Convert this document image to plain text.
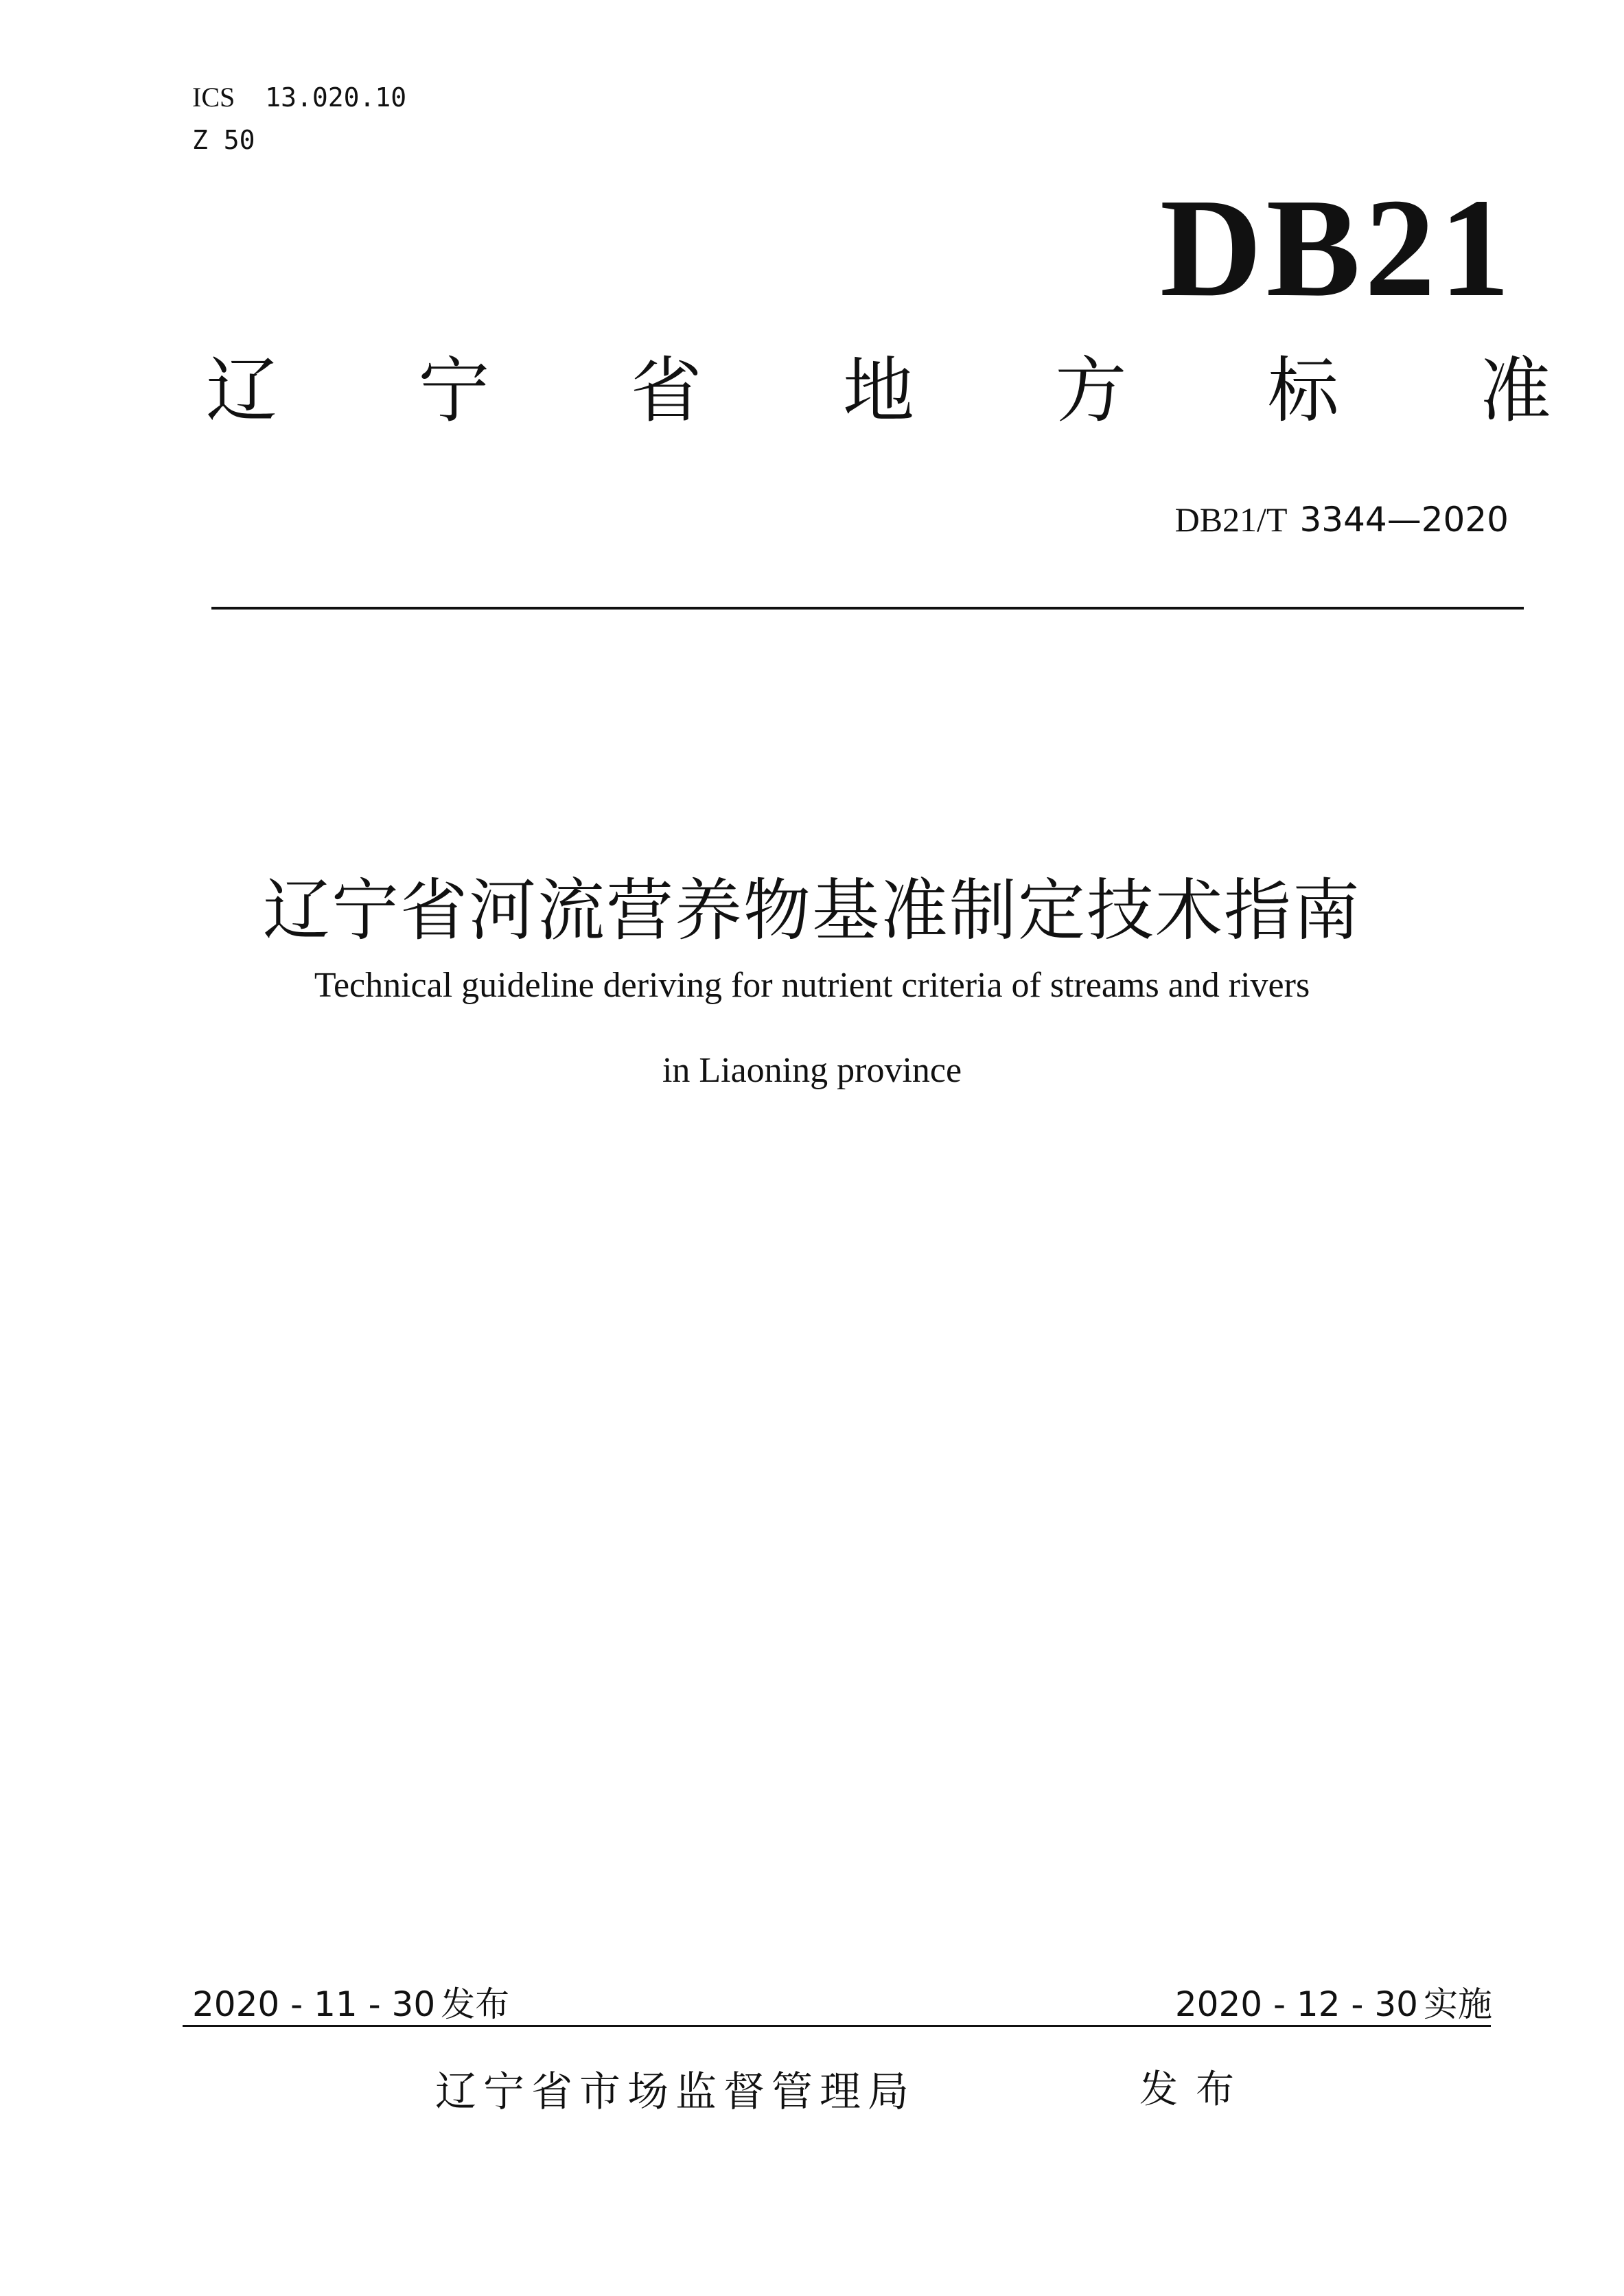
ICS 13.020.10
Z 50
DB21
辽 宁 省 地 方 标 准
DB21/T 3344—2020
辽宁省河流营养物基准制定技术指南
Technical guideline deriving for nutrient criteria of streams and rivers
in Liaoning province
2020 - 11 - 30 发布	2020 - 12 - 30 实施
辽宁省市场监督管理局	发布
